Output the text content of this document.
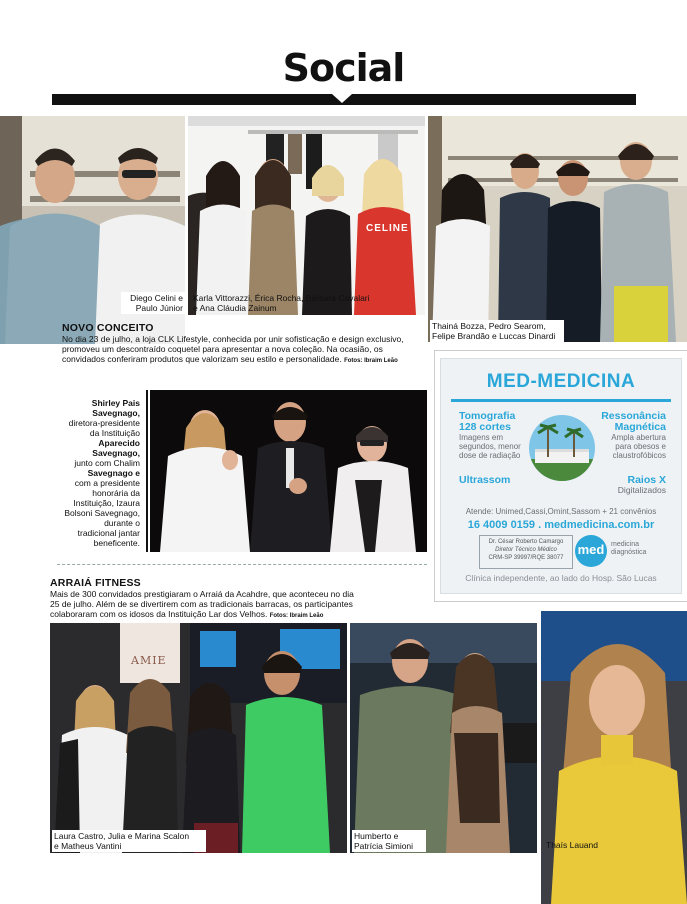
Social
Diego Celini e
Paulo Júnior
CELINE
Karla Vittorazzi, Érica Rocha, Bárbara Cavalari
e Ana Cláudia Zainum
Thainá Bozza, Pedro Searom,
Felipe Brandão e Luccas Dinardi
NOVO CONCEITO
No dia 23 de julho, a loja CLK Lifestyle, conhecida por unir sofisticação e design exclusivo,
promoveu um descontraído coquetel para apresentar a nova coleção. Na ocasião, os
convidados conferiram produtos que valorizam seu estilo e personalidade. Fotos: Ibraim Leão
Shirley Pais
Savegnago,
diretora-presidente
da Instituição
Aparecido
Savegnago,
junto com Chalim
Savegnago e
com a presidente
honorária da
Instituição, Izaura
Bolsoni Savegnago,
durante o
tradicional jantar
beneficente.
MED-MEDICINA
Tomografia
128 cortes
Imagens em
segundos, menor
dose de radiação
Ressonância
Magnética
Ampla abertura
para obesos e
claustrofóbicos
Ultrassom	Raios X
Digitalizados
Atende: Unimed,Cassi,Omint,Sassom + 21 convênios
16 4009 0159 . medmedicina.com.br
Dr. César Roberto Camargo
Diretor Técnico Médico
CRM-SP 39997/RQE 38077
med medicina
diagnóstica
Clínica independente, ao lado do Hosp. São Lucas
ARRAIÁ FITNESS
Mais de 300 convidados prestigiaram o Arraiá da Acahdre, que aconteceu no dia
25 de julho. Além de se divertirem com as tradicionais barracas, os participantes
colaboraram com os idosos da Instituição Lar dos Velhos. Fotos: Ibraim Leão
AMIE
Laura Castro, Julia e Marina Scalon
e Matheus Vantini
Humberto e
Patrícia Simioni	Thaís Lauand
